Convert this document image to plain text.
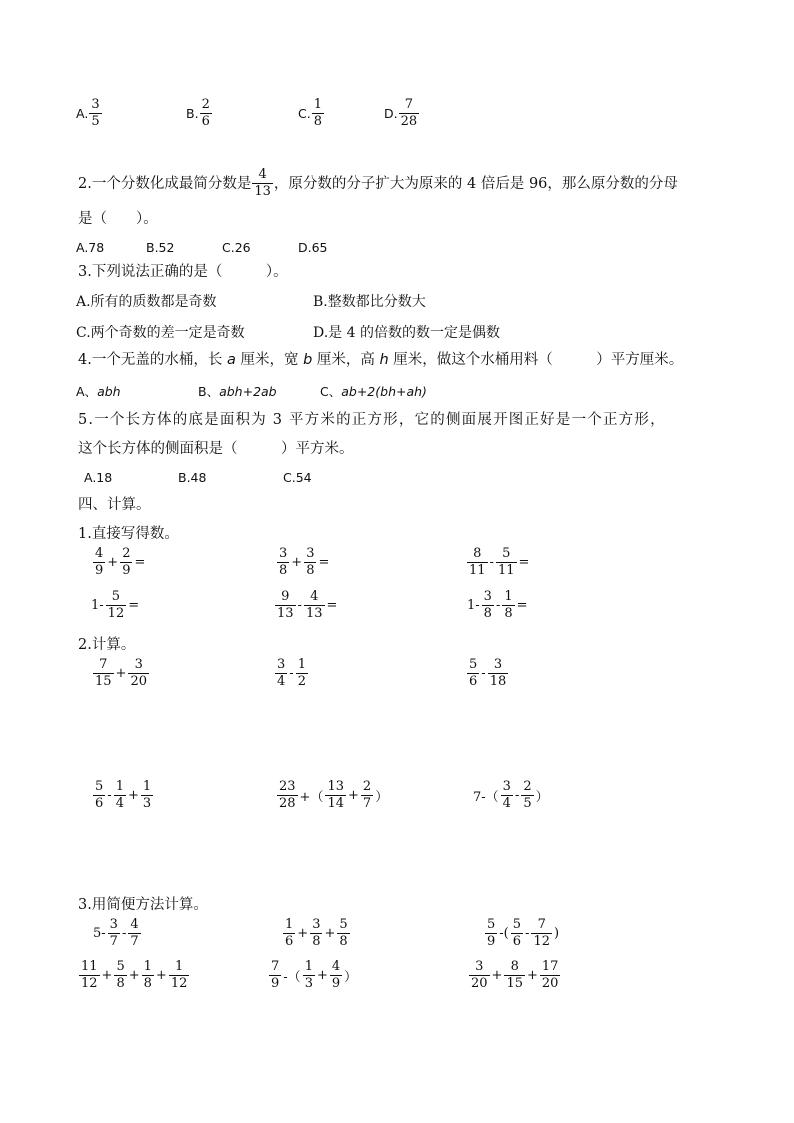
A. $\frac{3}{5}$	B. $\frac{2}{6}$	C. $\frac{1}{8}$	D. $\frac{7}{28}$
2.一个分数化成最简分数是 $\frac{4}{13}$ ，原分数的分子扩大为原来的 4 倍后是 96，那么原分数的分母
是（　　）。
A.78	B.52	C.26	D.65
3.下列说法正确的是（　　　）。
A.所有的质数都是奇数	B.整数都比分数大
C.两个奇数的差一定是奇数	D.是 4 的倍数的数一定是偶数
4.一个无盖的水桶，长 a 厘米，宽 b 厘米，高 h 厘米，做这个水桶用料（　　　）平方厘米。
A、abh	B、abh+2ab	C、ab+2(bh+ah)
5.一个长方体的底是面积为 3 平方米的正方形，它的侧面展开图正好是一个正方形，
这个长方体的侧面积是（　　　）平方米。
A.18	B.48	C.54
四、计算。
1.直接写得数。
$\frac{4}{9} + \frac{2}{9}$ =	$\frac{3}{8} + \frac{3}{8}$ =	$\frac{8}{11} - \frac{5}{11}$ =
$1- \frac{5}{12}$ =	$\frac{9}{13} - \frac{4}{13}$ =	$1- \frac{3}{8} - \frac{1}{8}$ =
2.计算。
$\frac{7}{15} + \frac{3}{20}$	$\frac{3}{4} - \frac{1}{2}$	$\frac{5}{6} - \frac{3}{18}$
$\frac{5}{6} - \frac{1}{4} + \frac{1}{3}$	$\frac{23}{28}$ +（ $\frac{13}{14} + \frac{2}{7}$ ）	$7-( \frac{3}{4} - \frac{2}{5}$ ）
3.用简便方法计算。
$5- \frac{3}{7} - \frac{4}{7}$	$\frac{1}{6} + \frac{3}{8} + \frac{5}{8}$	$\frac{5}{9}$ -( $\frac{5}{6} - \frac{7}{12}$ )
$\frac{11}{12} + \frac{5}{8} + \frac{1}{8} + \frac{1}{12}$	$\frac{7}{9}$ -（ $\frac{1}{3} + \frac{4}{9}$ ）	$\frac{3}{20} + \frac{8}{15} + \frac{17}{20}$
